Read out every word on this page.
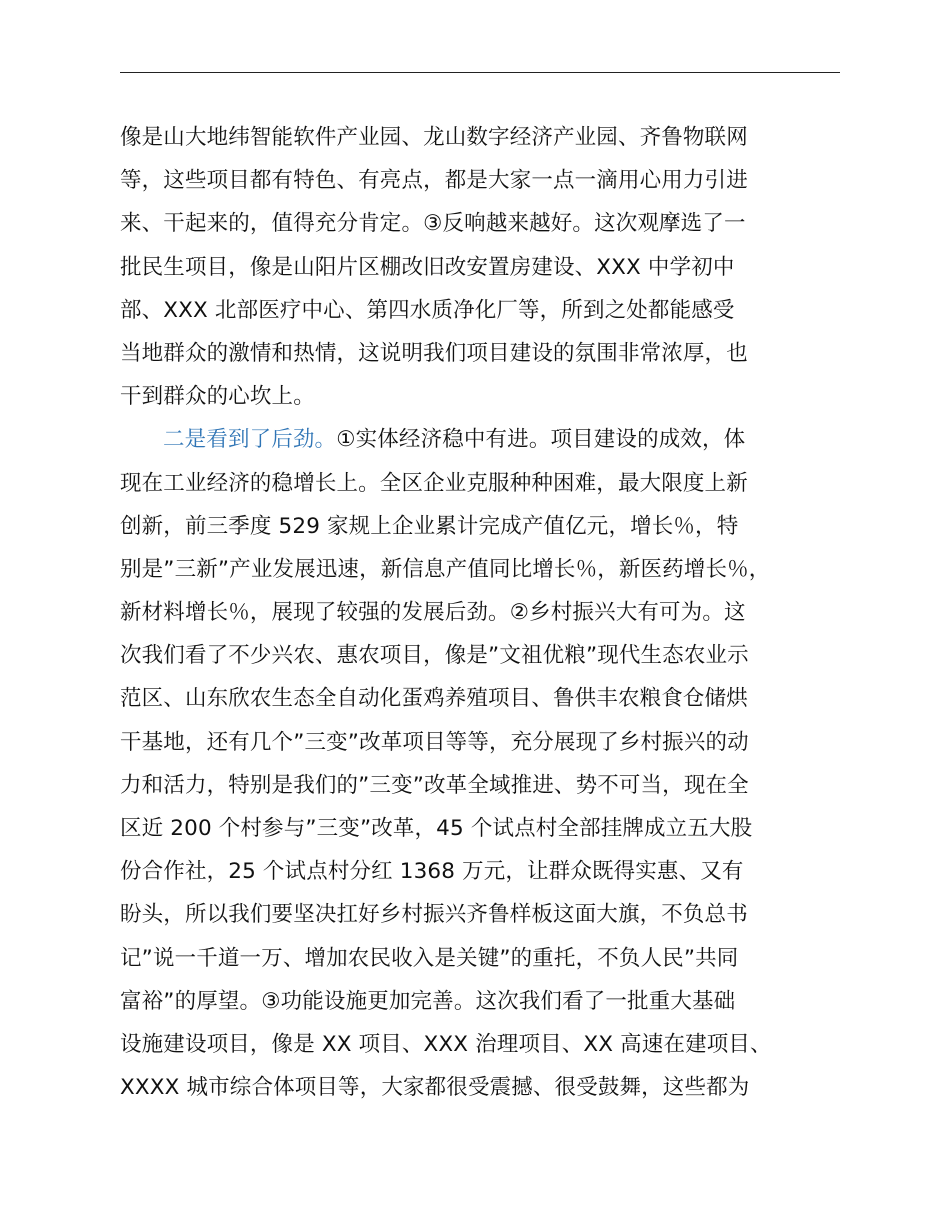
像是山大地纬智能软件产业园、龙山数字经济产业园、齐鲁物联网
等，这些项目都有特色、有亮点，都是大家一点一滴用心用力引进
来、干起来的，值得充分肯定。③反响越来越好。这次观摩选了一
批民生项目，像是山阳片区棚改旧改安置房建设、XXX 中学初中
部、XXX 北部医疗中心、第四水质净化厂等，所到之处都能感受
当地群众的激情和热情，这说明我们项目建设的氛围非常浓厚，也
干到群众的心坎上。
二是看到了后劲。①实体经济稳中有进。项目建设的成效，体
现在工业经济的稳增长上。全区企业克服种种困难，最大限度上新
创新，前三季度 529 家规上企业累计完成产值亿元，增长％，特
别是”三新”产业发展迅速，新信息产值同比增长％，新医药增长％，
新材料增长％，展现了较强的发展后劲。②乡村振兴大有可为。这
次我们看了不少兴农、惠农项目，像是”文祖优粮”现代生态农业示
范区、山东欣农生态全自动化蛋鸡养殖项目、鲁供丰农粮食仓储烘
干基地，还有几个”三变”改革项目等等，充分展现了乡村振兴的动
力和活力，特别是我们的”三变”改革全域推进、势不可当，现在全
区近 200 个村参与”三变”改革，45 个试点村全部挂牌成立五大股
份合作社，25 个试点村分红 1368 万元，让群众既得实惠、又有
盼头，所以我们要坚决扛好乡村振兴齐鲁样板这面大旗，不负总书
记”说一千道一万、增加农民收入是关键”的重托，不负人民”共同
富裕”的厚望。③功能设施更加完善。这次我们看了一批重大基础
设施建设项目，像是 XX 项目、XXX 治理项目、XX 高速在建项目、
XXXX 城市综合体项目等，大家都很受震撼、很受鼓舞，这些都为
